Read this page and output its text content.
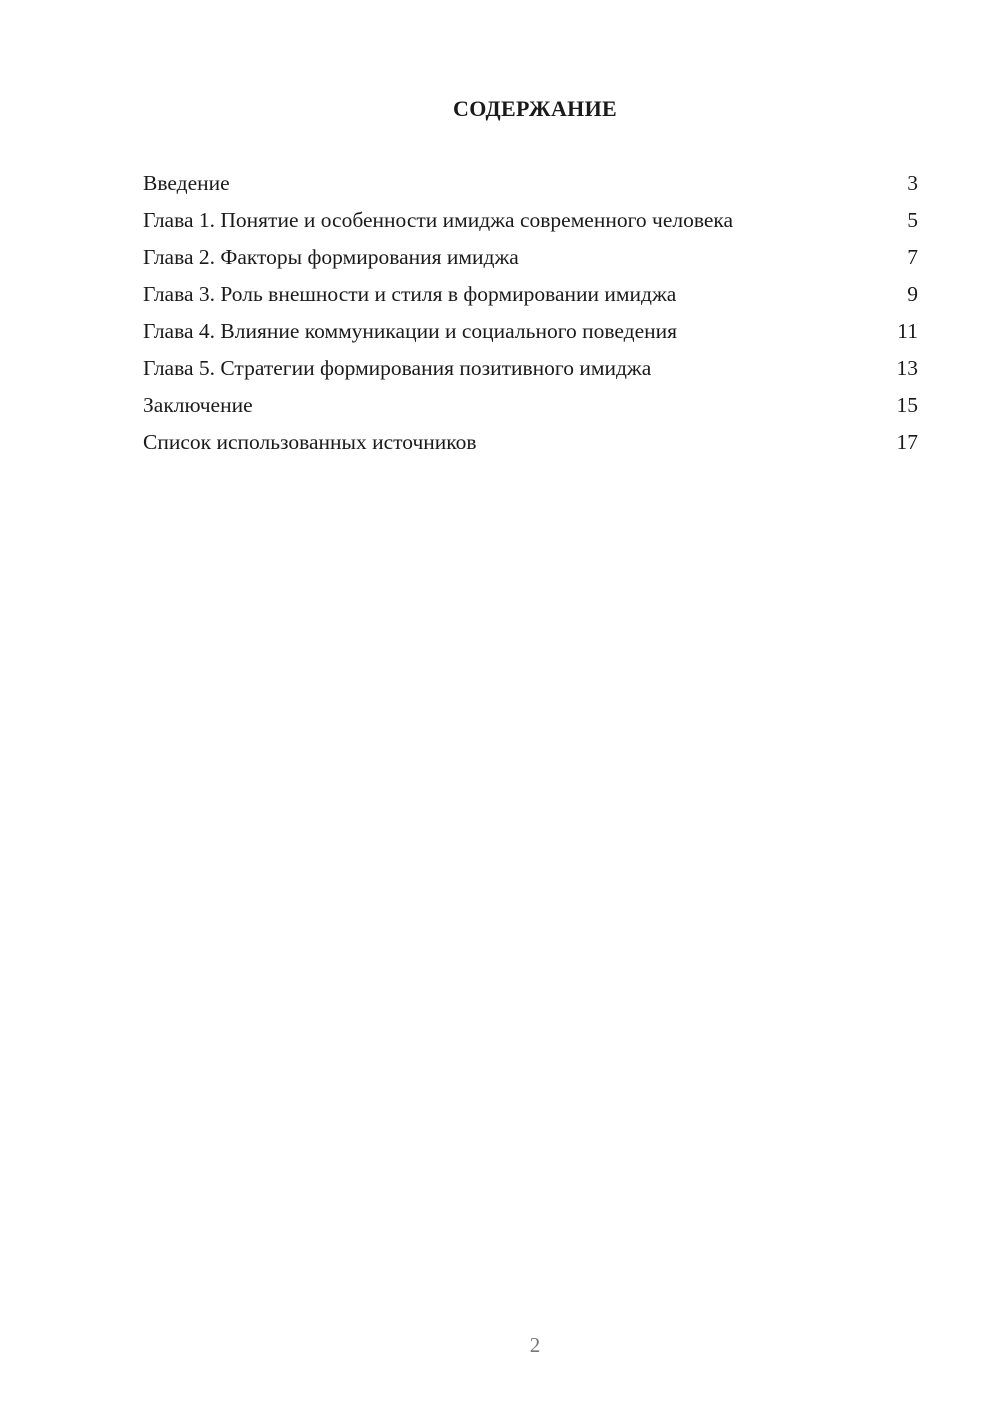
СОДЕРЖАНИЕ
Введение	3
Глава 1. Понятие и особенности имиджа современного человека	5
Глава 2. Факторы формирования имиджа	7
Глава 3. Роль внешности и стиля в формировании имиджа	9
Глава 4. Влияние коммуникации и социального поведения	11
Глава 5. Стратегии формирования позитивного имиджа	13
Заключение	15
Список использованных источников	17
2
